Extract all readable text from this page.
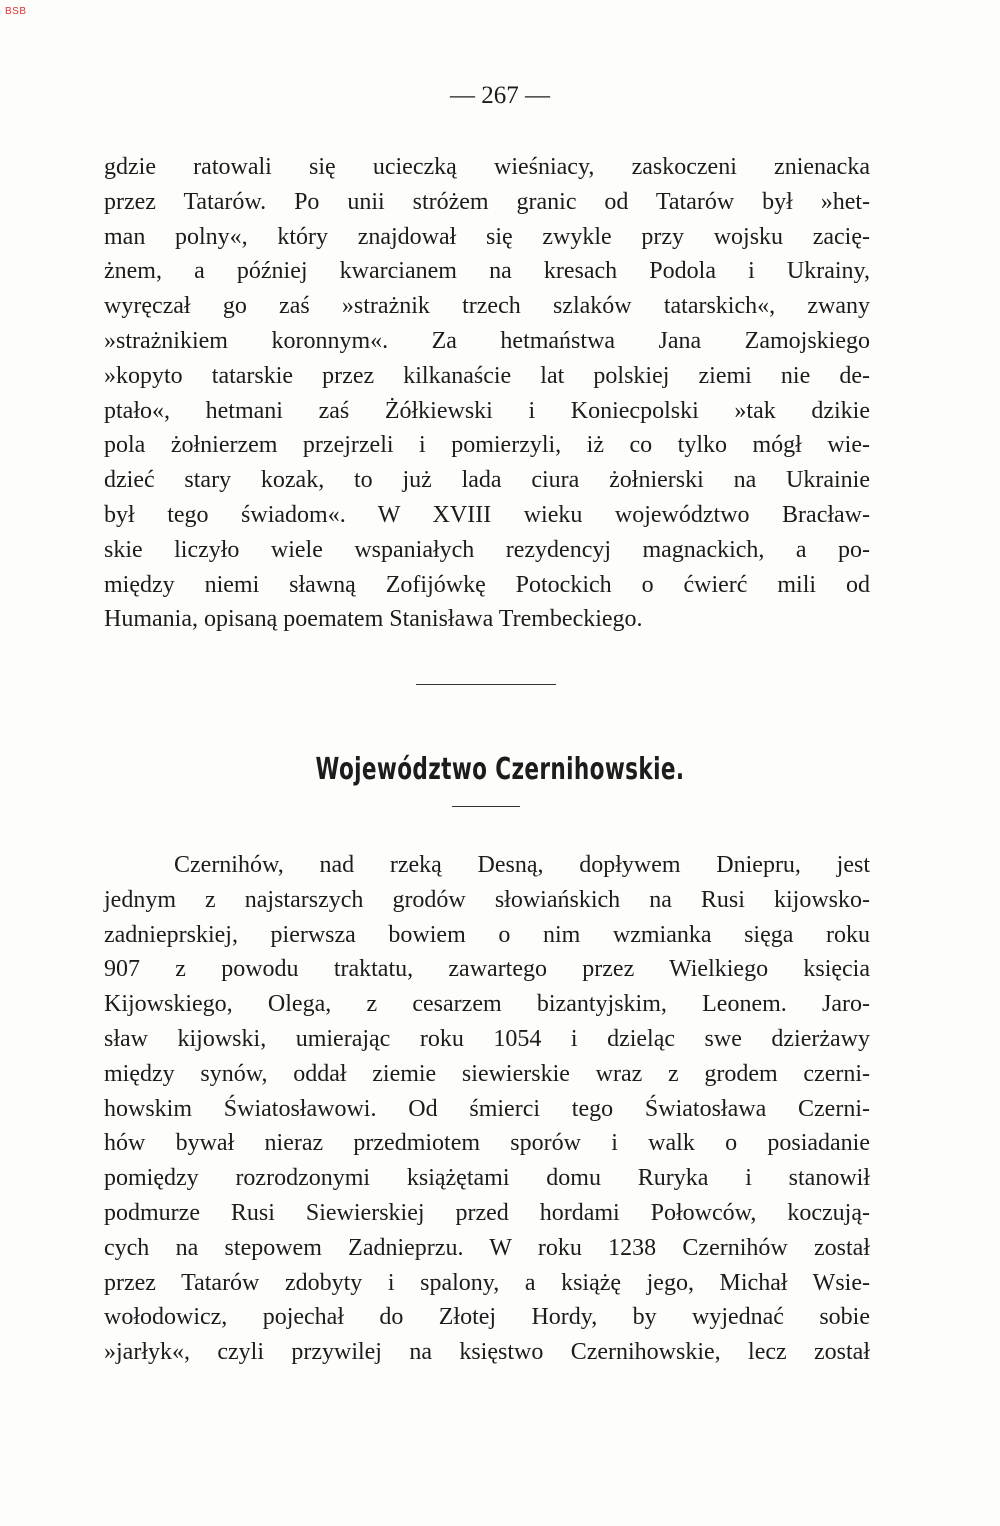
BSB
— 267 —
gdzie ratowali się ucieczką wieśniacy, zaskoczeni znienacka
przez Tatarów. Po unii stróżem granic od Tatarów był »het-
man polny«, który znajdował się zwykle przy wojsku zacię-
żnem, a później kwarcianem na kresach Podola i Ukrainy,
wyręczał go zaś »strażnik trzech szlaków tatarskich«, zwany
»strażnikiem koronnym«. Za hetmaństwa Jana Zamojskiego
»kopyto tatarskie przez kilkanaście lat polskiej ziemi nie de-
ptało«, hetmani zaś Żółkiewski i Koniecpolski »tak dzikie
pola żołnierzem przejrzeli i pomierzyli, iż co tylko mógł wie-
dzieć stary kozak, to już lada ciura żołnierski na Ukrainie
był tego świadom«. W XVIII wieku województwo Bracław-
skie liczyło wiele wspaniałych rezydencyj magnackich, a po-
między niemi sławną Zofijówkę Potockich o ćwierć mili od
Humania, opisaną poematem Stanisława Trembeckiego.
Województwo Czernihowskie.
Czernihów, nad rzeką Desną, dopływem Dniepru, jest
jednym z najstarszych grodów słowiańskich na Rusi kijowsko-
zadnieprskiej, pierwsza bowiem o nim wzmianka sięga roku
907 z powodu traktatu, zawartego przez Wielkiego księcia
Kijowskiego, Olega, z cesarzem bizantyjskim, Leonem. Jaro-
sław kijowski, umierając roku 1054 i dzieląc swe dzierżawy
między synów, oddał ziemie siewierskie wraz z grodem czerni-
howskim Światosławowi. Od śmierci tego Światosława Czerni-
hów bywał nieraz przedmiotem sporów i walk o posiadanie
pomiędzy rozrodzonymi książętami domu Ruryka i stanowił
podmurze Rusi Siewierskiej przed hordami Połowców, koczują-
cych na stepowem Zadnieprzu. W roku 1238 Czernihów został
przez Tatarów zdobyty i spalony, a książę jego, Michał Wsie-
wołodowicz, pojechał do Złotej Hordy, by wyjednać sobie
»jarłyk«, czyli przywilej na księstwo Czernihowskie, lecz został
